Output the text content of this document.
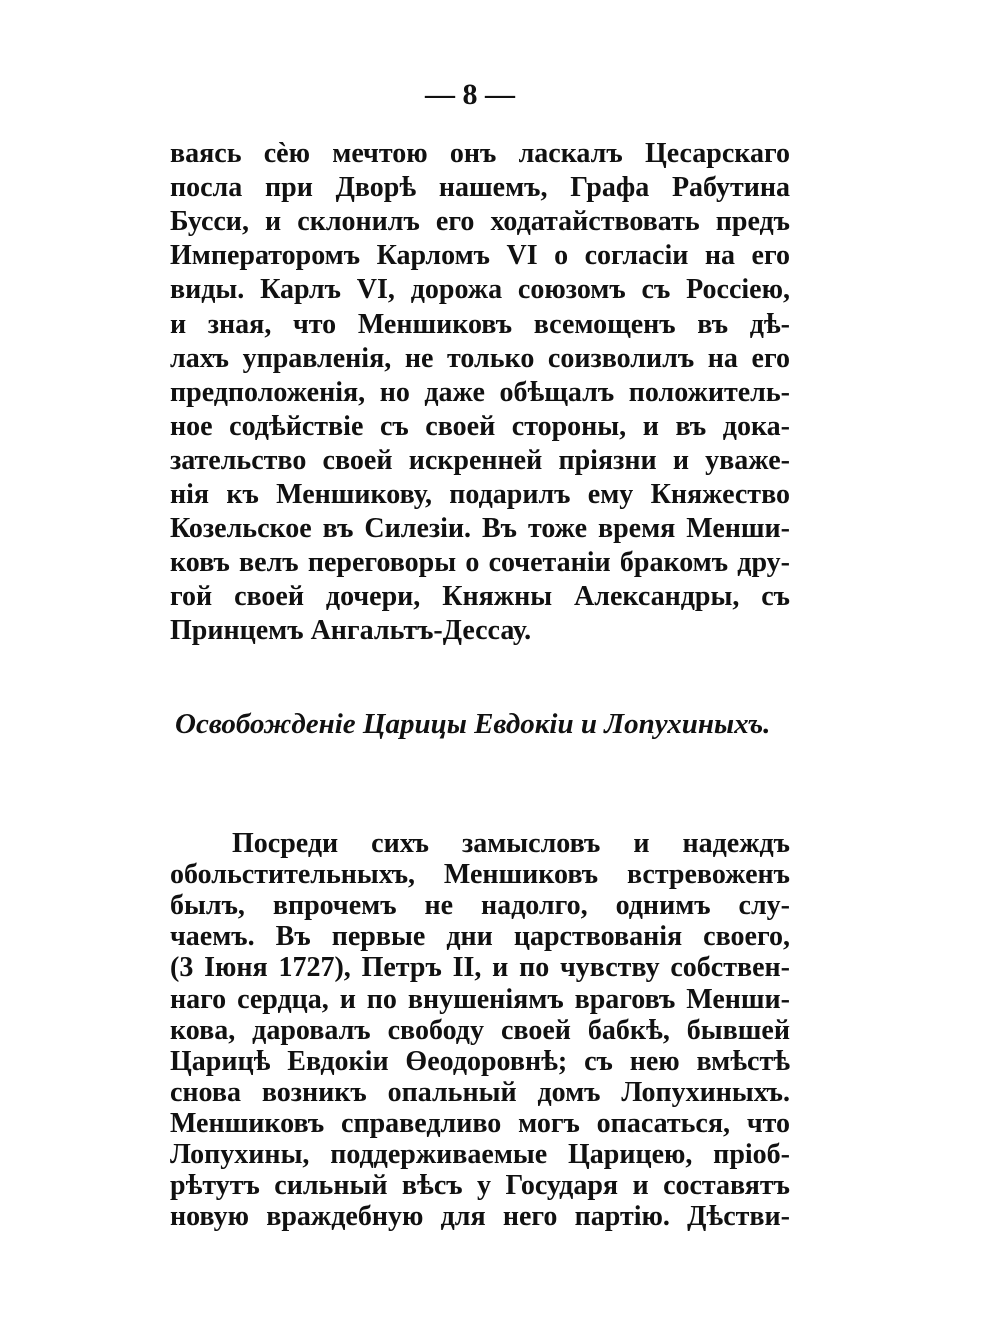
— 8 —
ваясь сѐю мечтою онъ ласкалъ Цесарскаго
посла при Дворѣ нашемъ, Графа Рабутина
Бусси, и склонилъ его ходатайствовать предъ
Императоромъ Карломъ VI о согласіи на его
виды. Карлъ VI, дорожа союзомъ съ Россіею,
и зная, что Меншиковъ всемощенъ въ дѣ-
лахъ управленія, не только соизволилъ на его
предположенія, но даже обѣщалъ положитель-
ное содѣйствіе съ своей стороны, и въ дока-
зательство своей искренней пріязни и уваже-
нія къ Меншикову, подарилъ ему Княжество
Козельское въ Силезіи. Въ тоже время Менши-
ковъ велъ переговоры о сочетаніи бракомъ дру-
гой своей дочери, Княжны Александры, съ
Принцемъ Ангальтъ-Дессау.
Освобожденіе Царицы Евдокіи и Лопухиныхъ.
Посреди сихъ замысловъ и надеждъ
обольстительныхъ, Меншиковъ встревоженъ
былъ, впрочемъ не надолго, однимъ слу-
чаемъ. Въ первые дни царствованія своего,
(3 Іюня 1727), Петръ II, и по чувству собствен-
наго сердца, и по внушеніямъ враговъ Менши-
кова, даровалъ свободу своей бабкѣ, бывшей
Царицѣ Евдокіи Өеодоровнѣ; съ нею вмѣстѣ
снова возникъ опальный домъ Лопухиныхъ.
Меншиковъ справедливо могъ опасаться, что
Лопухины, поддерживаемые Царицею, пріоб-
рѣтутъ сильный вѣсъ у Государя и составятъ
новую враждебную для него партію. Дѣстви-
